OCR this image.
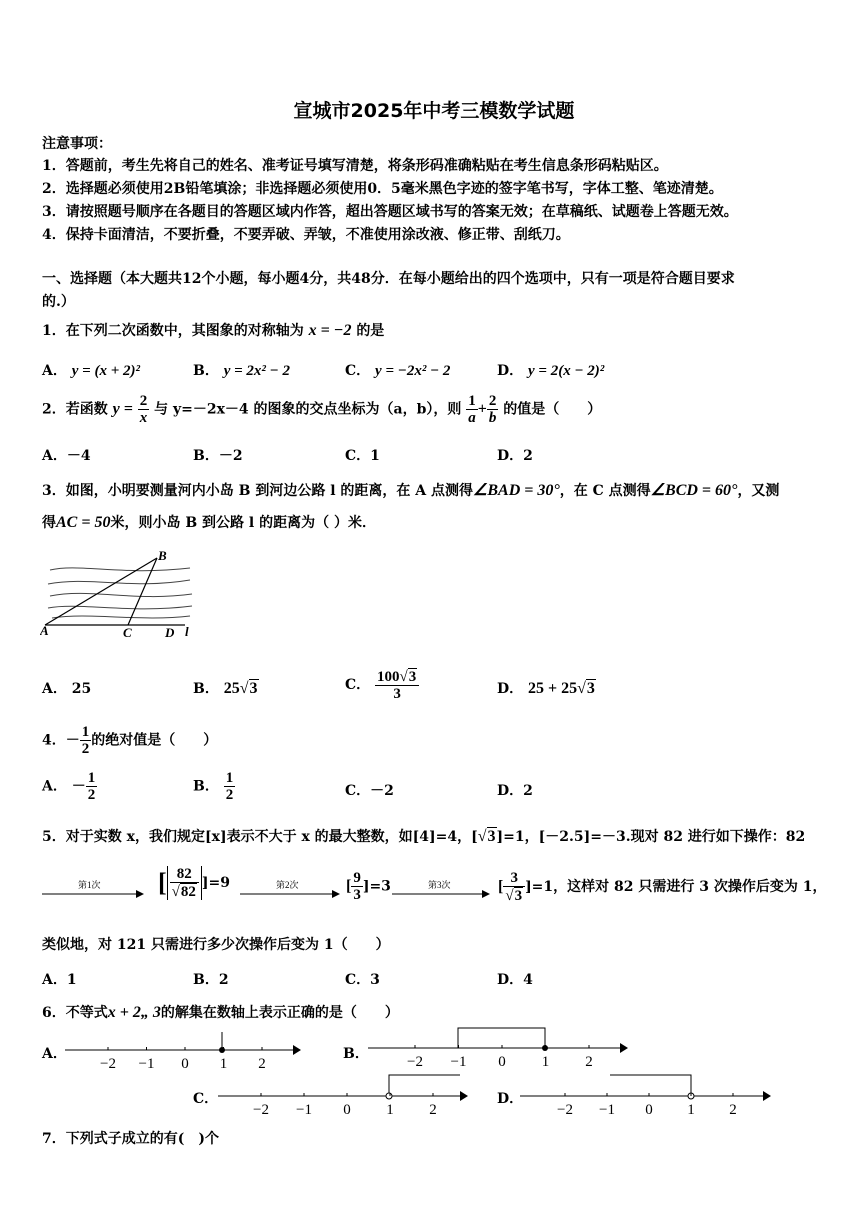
宣城市2025年中考三模数学试题
注意事项：
1．答题前，考生先将自己的姓名、准考证号填写清楚，将条形码准确粘贴在考生信息条形码粘贴区。
2．选择题必须使用2B铅笔填涂；非选择题必须使用0．5毫米黑色字迹的签字笔书写，字体工整、笔迹清楚。
3．请按照题号顺序在各题目的答题区域内作答，超出答题区域书写的答案无效；在草稿纸、试题卷上答题无效。
4．保持卡面清洁，不要折叠，不要弄破、弄皱，不准使用涂改液、修正带、刮纸刀。
一、选择题（本大题共12个小题，每小题4分，共48分．在每小题给出的四个选项中，只有一项是符合题目要求
的.）
1．在下列二次函数中，其图象的对称轴为 x = −2 的是
A． y = (x + 2)²	B． y = 2x² − 2	C． y = −2x² − 2	D． y = 2(x − 2)²
2．若函数 $y = \frac{2}{x}$ 与 y=－2x－4 的图象的交点坐标为（a，b），则 $\frac{1}{a} + \frac{2}{b}$ 的值是（　　）
A．－4	B．－2	C．1	D．2
3．如图，小明要测量河内小岛 B 到河边公路 l 的距离，在 A 点测得∠BAD = 30°，在 C 点测得∠BCD = 60°，又测
得AC = 50米，则小岛 B 到公路 l 的距离为（ ）米．
B
A	C	D l
A． 25	B． 25√3	C． $\frac{100√3}{3}$	D． 25 + 25√3
4．－ $\frac{1}{2}$ 的绝对值是（　　）
A． － $\frac{1}{2}$	B． $\frac{1}{2}$	C．－2	D．2
5．对于实数 x，我们规定[x]表示不大于 x 的最大整数，如[4]=4，[√3]=1，[－2.5]=－3.现对 82 进行如下操作：82
第1次	第2次	第3次
[ $\frac{82}{√82} ]=9$	[ $\frac{9}{3} ]=3$	[ $\frac{3}{√3} ]=1$，这样对 82 只需进行 3 次操作后变为 1，
类似地，对 121 只需进行多少次操作后变为 1（　　）
A．1	B．2	C．3	D．4
6．不等式x + 2„ 3的解集在数轴上表示正确的是（　　）
A．
−2 −1 0 1 2
B．	−2 −1 0 1 2
C．
−2 −1 0 1 2
D．
−2 −1 0 1 2
7．下列式子成立的有(　)个
